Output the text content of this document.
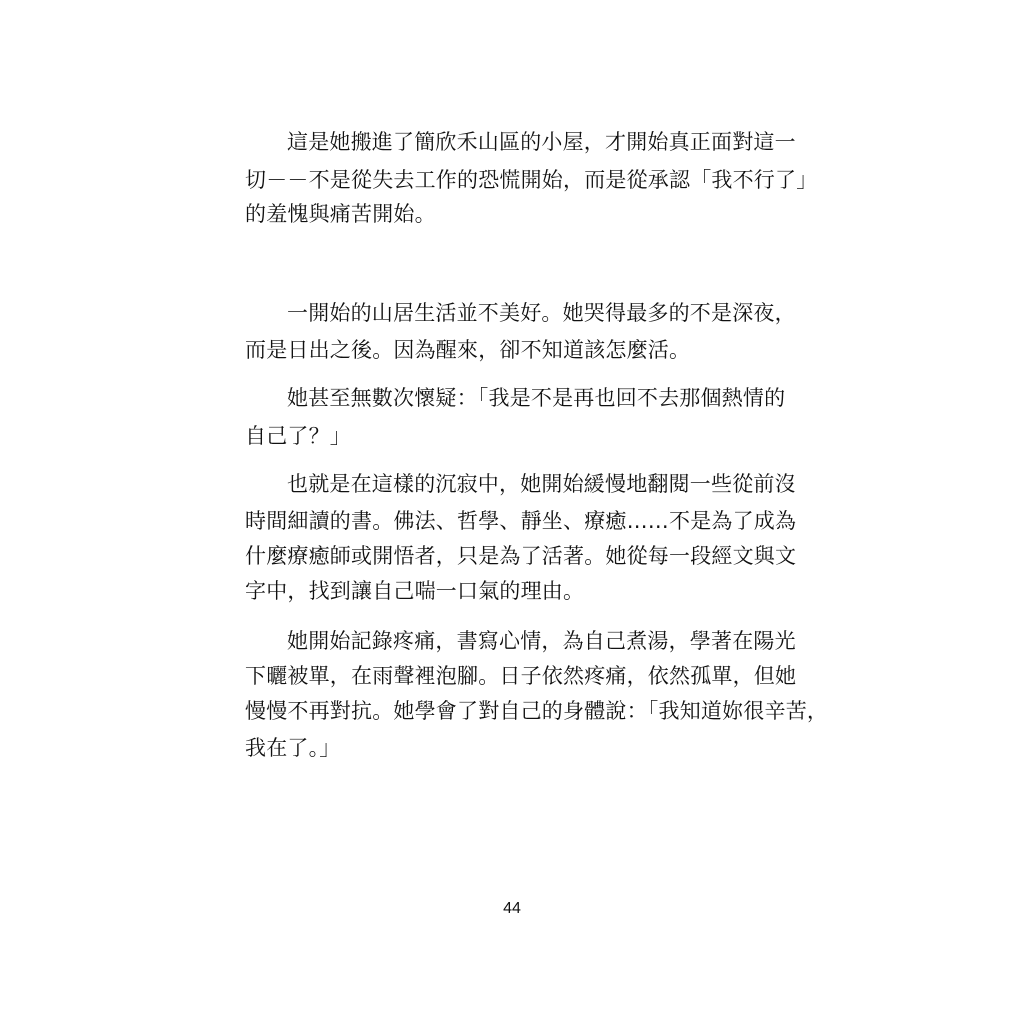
這是她搬進了簡欣禾山區的小屋，才開始真正面對這一
切－－不是從失去工作的恐慌開始，而是從承認「我不行了」
的羞愧與痛苦開始。
一開始的山居生活並不美好。她哭得最多的不是深夜，
而是日出之後。因為醒來，卻不知道該怎麼活。
她甚至無數次懷疑：「我是不是再也回不去那個熱情的
自己了？」
也就是在這樣的沉寂中，她開始緩慢地翻閱一些從前沒
時間細讀的書。佛法、哲學、靜坐、療癒……不是為了成為
什麼療癒師或開悟者，只是為了活著。她從每一段經文與文
字中，找到讓自己喘一口氣的理由。
她開始記錄疼痛，書寫心情，為自己煮湯，學著在陽光
下曬被單，在雨聲裡泡腳。日子依然疼痛，依然孤單，但她
慢慢不再對抗。她學會了對自己的身體說：「我知道妳很辛苦，
我在了。」
44
